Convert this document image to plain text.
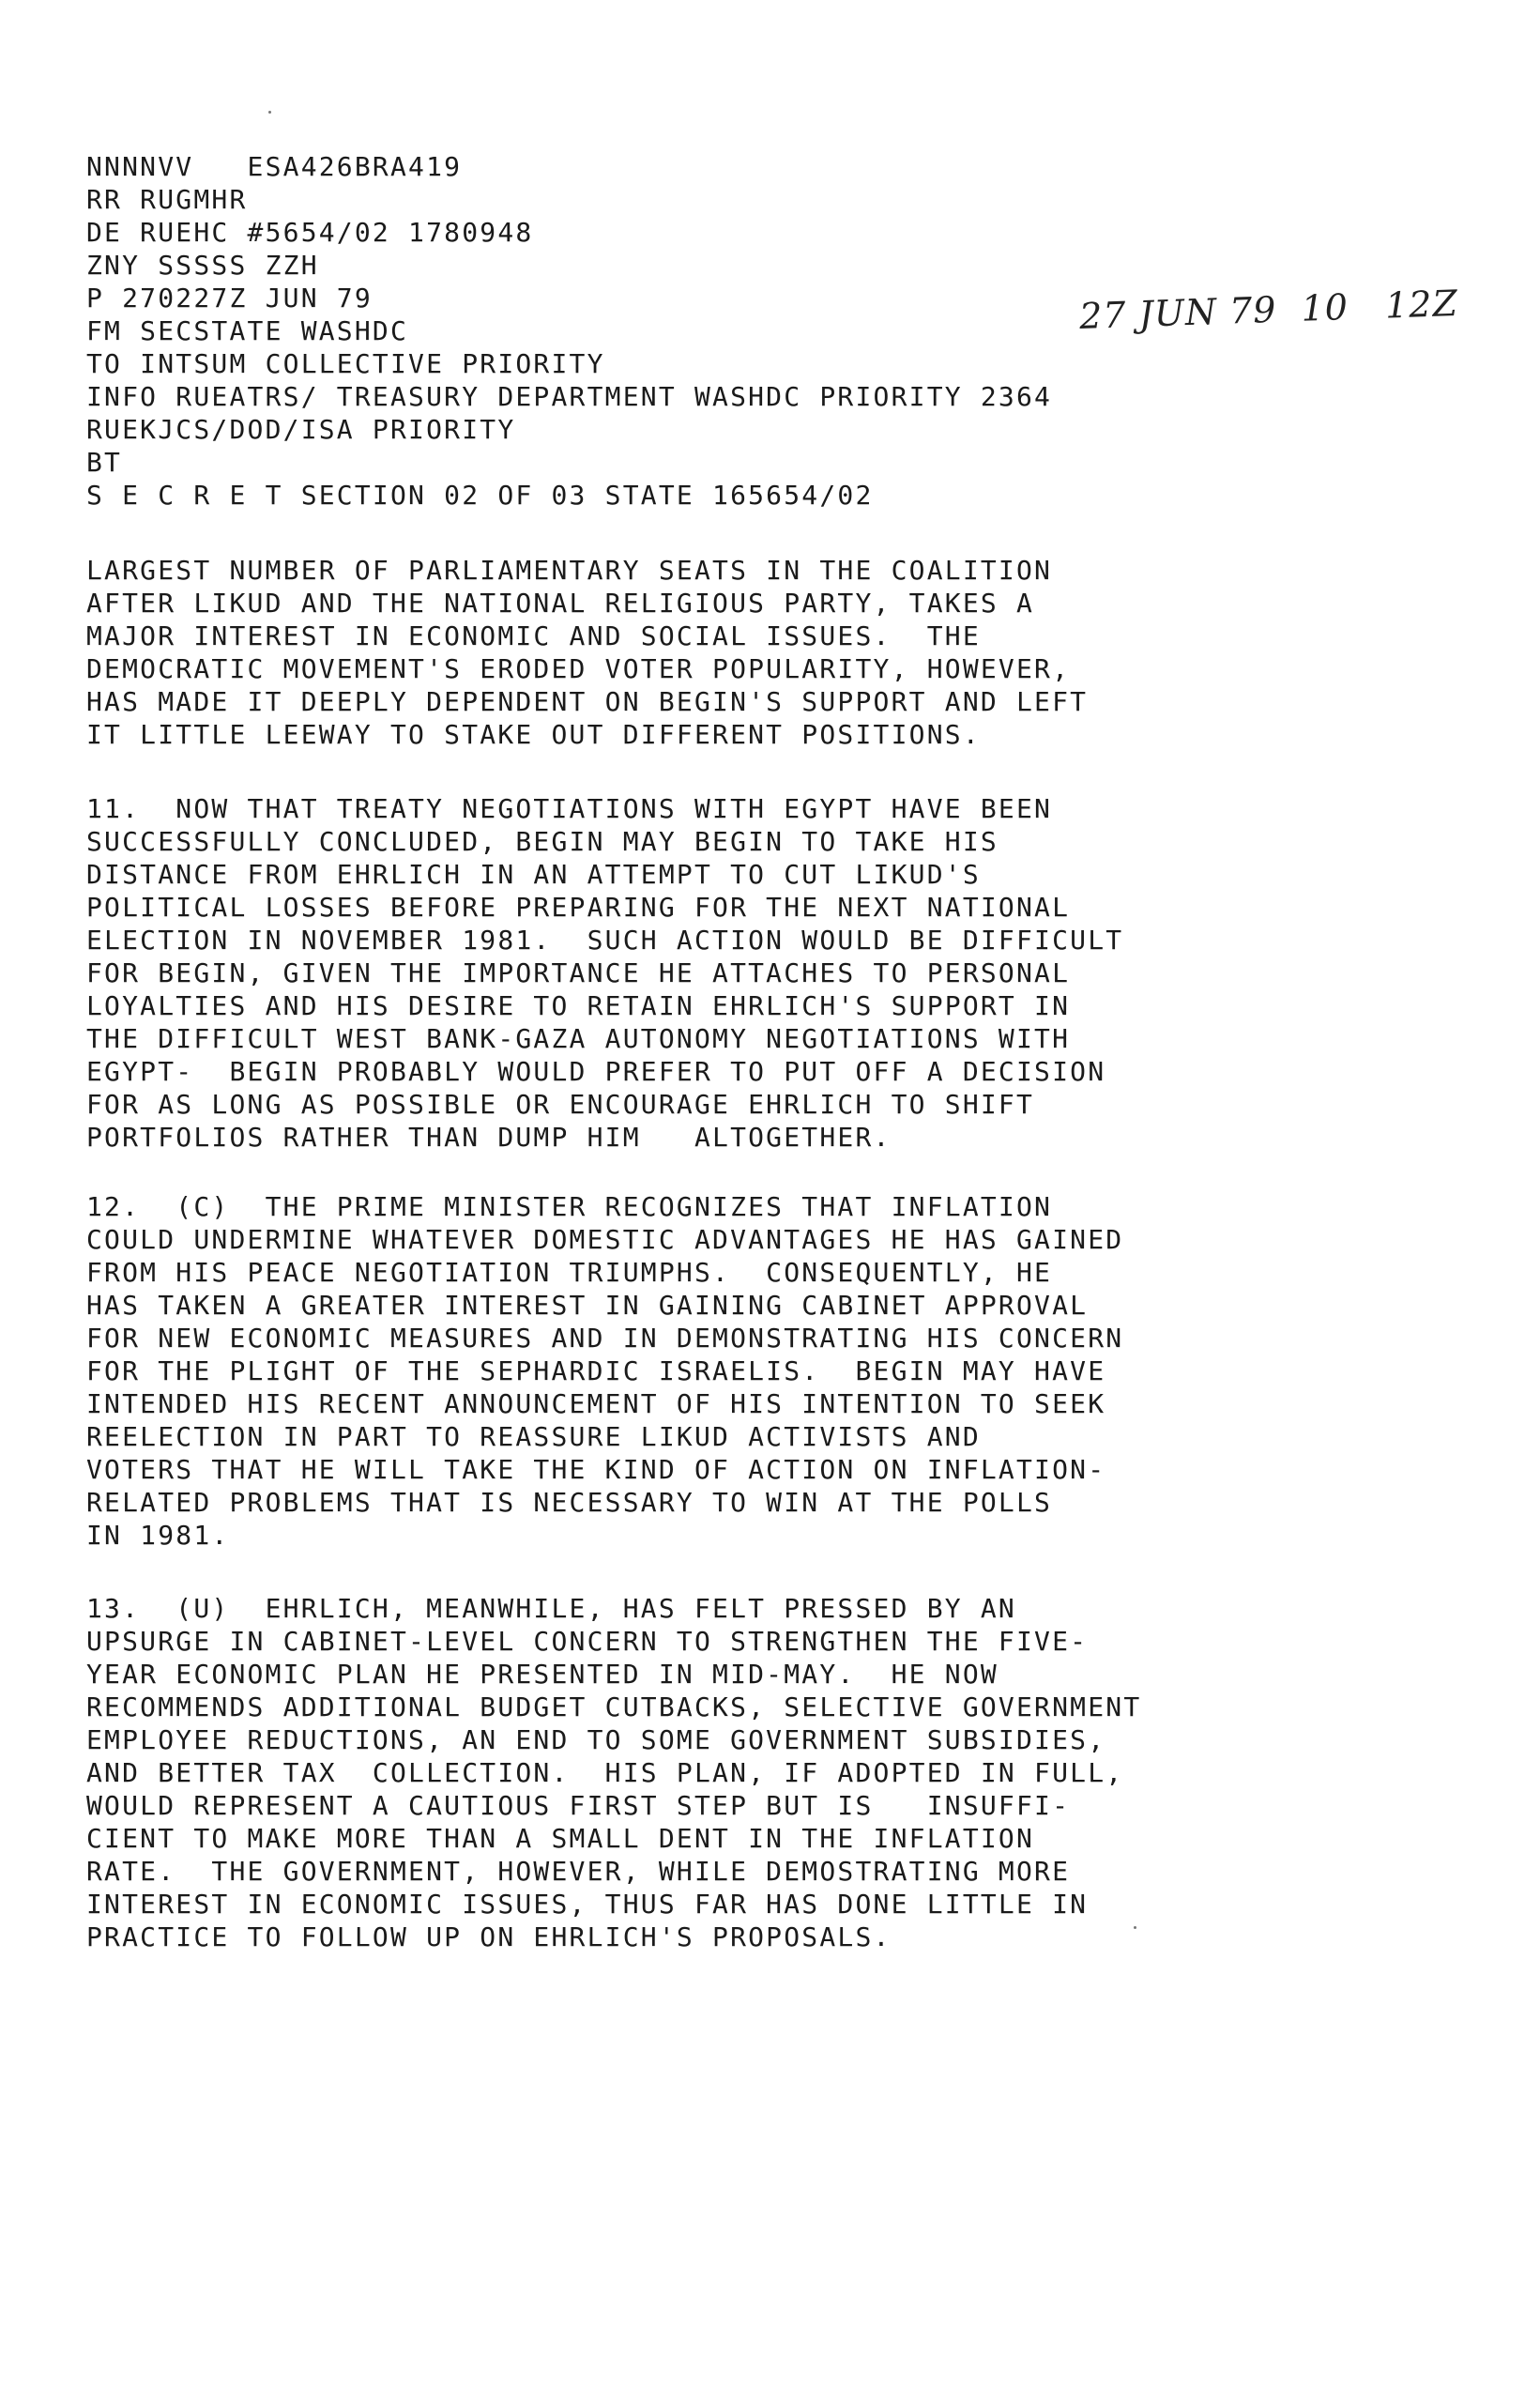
NNNNVV   ESA426BRA419
RR RUGMHR
DE RUEHC #5654/02 1780948
ZNY SSSSS ZZH
P 270227Z JUN 79
FM SECSTATE WASHDC
TO INTSUM COLLECTIVE PRIORITY
INFO RUEATRS/ TREASURY DEPARTMENT WASHDC PRIORITY 2364
RUEKJCS/DOD/ISA PRIORITY
BT
S E C R E T SECTION 02 OF 03 STATE 165654/02
27 JUN 79  10   12Z
LARGEST NUMBER OF PARLIAMENTARY SEATS IN THE COALITION
AFTER LIKUD AND THE NATIONAL RELIGIOUS PARTY, TAKES A
MAJOR INTEREST IN ECONOMIC AND SOCIAL ISSUES.  THE
DEMOCRATIC MOVEMENT'S ERODED VOTER POPULARITY, HOWEVER,
HAS MADE IT DEEPLY DEPENDENT ON BEGIN'S SUPPORT AND LEFT
IT LITTLE LEEWAY TO STAKE OUT DIFFERENT POSITIONS.
11.  NOW THAT TREATY NEGOTIATIONS WITH EGYPT HAVE BEEN
SUCCESSFULLY CONCLUDED, BEGIN MAY BEGIN TO TAKE HIS
DISTANCE FROM EHRLICH IN AN ATTEMPT TO CUT LIKUD'S
POLITICAL LOSSES BEFORE PREPARING FOR THE NEXT NATIONAL
ELECTION IN NOVEMBER 1981.  SUCH ACTION WOULD BE DIFFICULT
FOR BEGIN, GIVEN THE IMPORTANCE HE ATTACHES TO PERSONAL
LOYALTIES AND HIS DESIRE TO RETAIN EHRLICH'S SUPPORT IN
THE DIFFICULT WEST BANK-GAZA AUTONOMY NEGOTIATIONS WITH
EGYPT-  BEGIN PROBABLY WOULD PREFER TO PUT OFF A DECISION
FOR AS LONG AS POSSIBLE OR ENCOURAGE EHRLICH TO SHIFT
PORTFOLIOS RATHER THAN DUMP HIM   ALTOGETHER.
12.  (C)  THE PRIME MINISTER RECOGNIZES THAT INFLATION
COULD UNDERMINE WHATEVER DOMESTIC ADVANTAGES HE HAS GAINED
FROM HIS PEACE NEGOTIATION TRIUMPHS.  CONSEQUENTLY, HE
HAS TAKEN A GREATER INTEREST IN GAINING CABINET APPROVAL
FOR NEW ECONOMIC MEASURES AND IN DEMONSTRATING HIS CONCERN
FOR THE PLIGHT OF THE SEPHARDIC ISRAELIS.  BEGIN MAY HAVE
INTENDED HIS RECENT ANNOUNCEMENT OF HIS INTENTION TO SEEK
REELECTION IN PART TO REASSURE LIKUD ACTIVISTS AND
VOTERS THAT HE WILL TAKE THE KIND OF ACTION ON INFLATION-
RELATED PROBLEMS THAT IS NECESSARY TO WIN AT THE POLLS
IN 1981.
13.  (U)  EHRLICH, MEANWHILE, HAS FELT PRESSED BY AN
UPSURGE IN CABINET-LEVEL CONCERN TO STRENGTHEN THE FIVE-
YEAR ECONOMIC PLAN HE PRESENTED IN MID-MAY.  HE NOW
RECOMMENDS ADDITIONAL BUDGET CUTBACKS, SELECTIVE GOVERNMENT
EMPLOYEE REDUCTIONS, AN END TO SOME GOVERNMENT SUBSIDIES,
AND BETTER TAX  COLLECTION.  HIS PLAN, IF ADOPTED IN FULL,
WOULD REPRESENT A CAUTIOUS FIRST STEP BUT IS   INSUFFI-
CIENT TO MAKE MORE THAN A SMALL DENT IN THE INFLATION
RATE.  THE GOVERNMENT, HOWEVER, WHILE DEMOSTRATING MORE
INTEREST IN ECONOMIC ISSUES, THUS FAR HAS DONE LITTLE IN
PRACTICE TO FOLLOW UP ON EHRLICH'S PROPOSALS.
